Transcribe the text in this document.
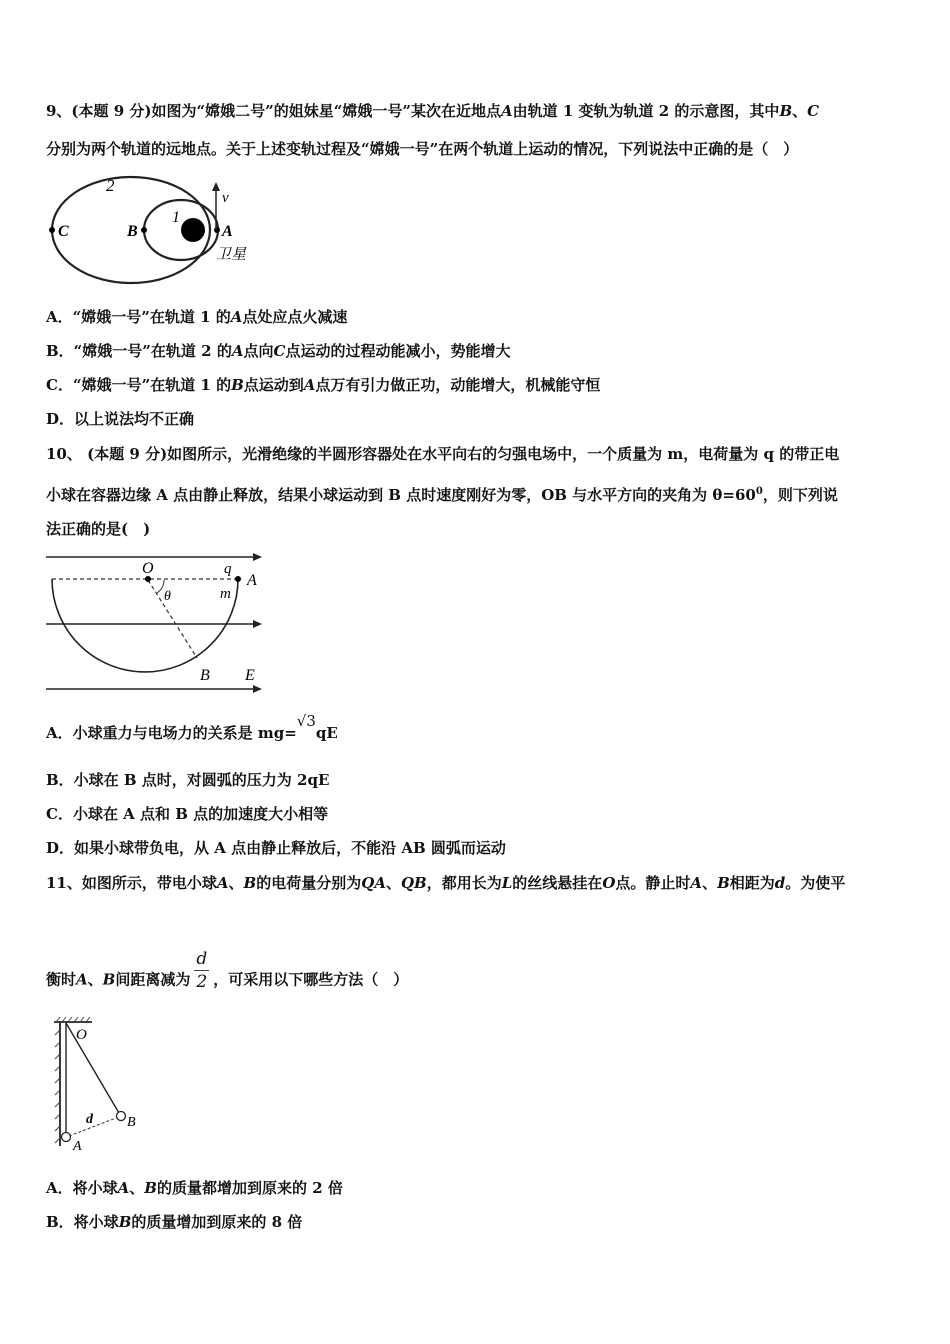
9、(本题 9 分)如图为“嫦娥二号”的姐妹星“嫦娥一号”某次在近地点A由轨道 1 变轨为轨道 2 的示意图，其中B、C
分别为两个轨道的远地点。关于上述变轨过程及“嫦娥一号”在两个轨道上运动的情况，下列说法中正确的是（　）
2
1
C	B	A
v
卫星
A．“嫦娥一号”在轨道 1 的A点处应点火减速
B．“嫦娥一号”在轨道 2 的A点向C点运动的过程动能减小，势能增大
C．“嫦娥一号”在轨道 1 的B点运动到A点万有引力做正功，动能增大，机械能守恒
D．以上说法均不正确
10、 (本题 9 分)如图所示，光滑绝缘的半圆形容器处在水平向右的匀强电场中，一个质量为 m，电荷量为 q 的带正电
小球在容器边缘 A 点由静止释放，结果小球运动到 B 点时速度刚好为零，OB 与水平方向的夹角为 $\theta=60^0$，则下列说
法正确的是(　)
O	q
A
θ	m
B E
A．小球重力与电场力的关系是 mg=√3qE
B．小球在 B 点时，对圆弧的压力为 2qE
C．小球在 A 点和 B 点的加速度大小相等
D．如果小球带负电，从 A 点由静止释放后，不能沿 AB 圆弧而运动
11、如图所示，带电小球A、B的电荷量分别为QA、QB，都用长为L的丝线悬挂在O点。静止时A、B相距为d。为使平
衡时A、B间距离减为 $\frac{d}{2}$ ，可采用以下哪些方法（　）
O
d B
A
A．将小球A、B的质量都增加到原来的 2 倍
B．将小球B的质量增加到原来的 8 倍
